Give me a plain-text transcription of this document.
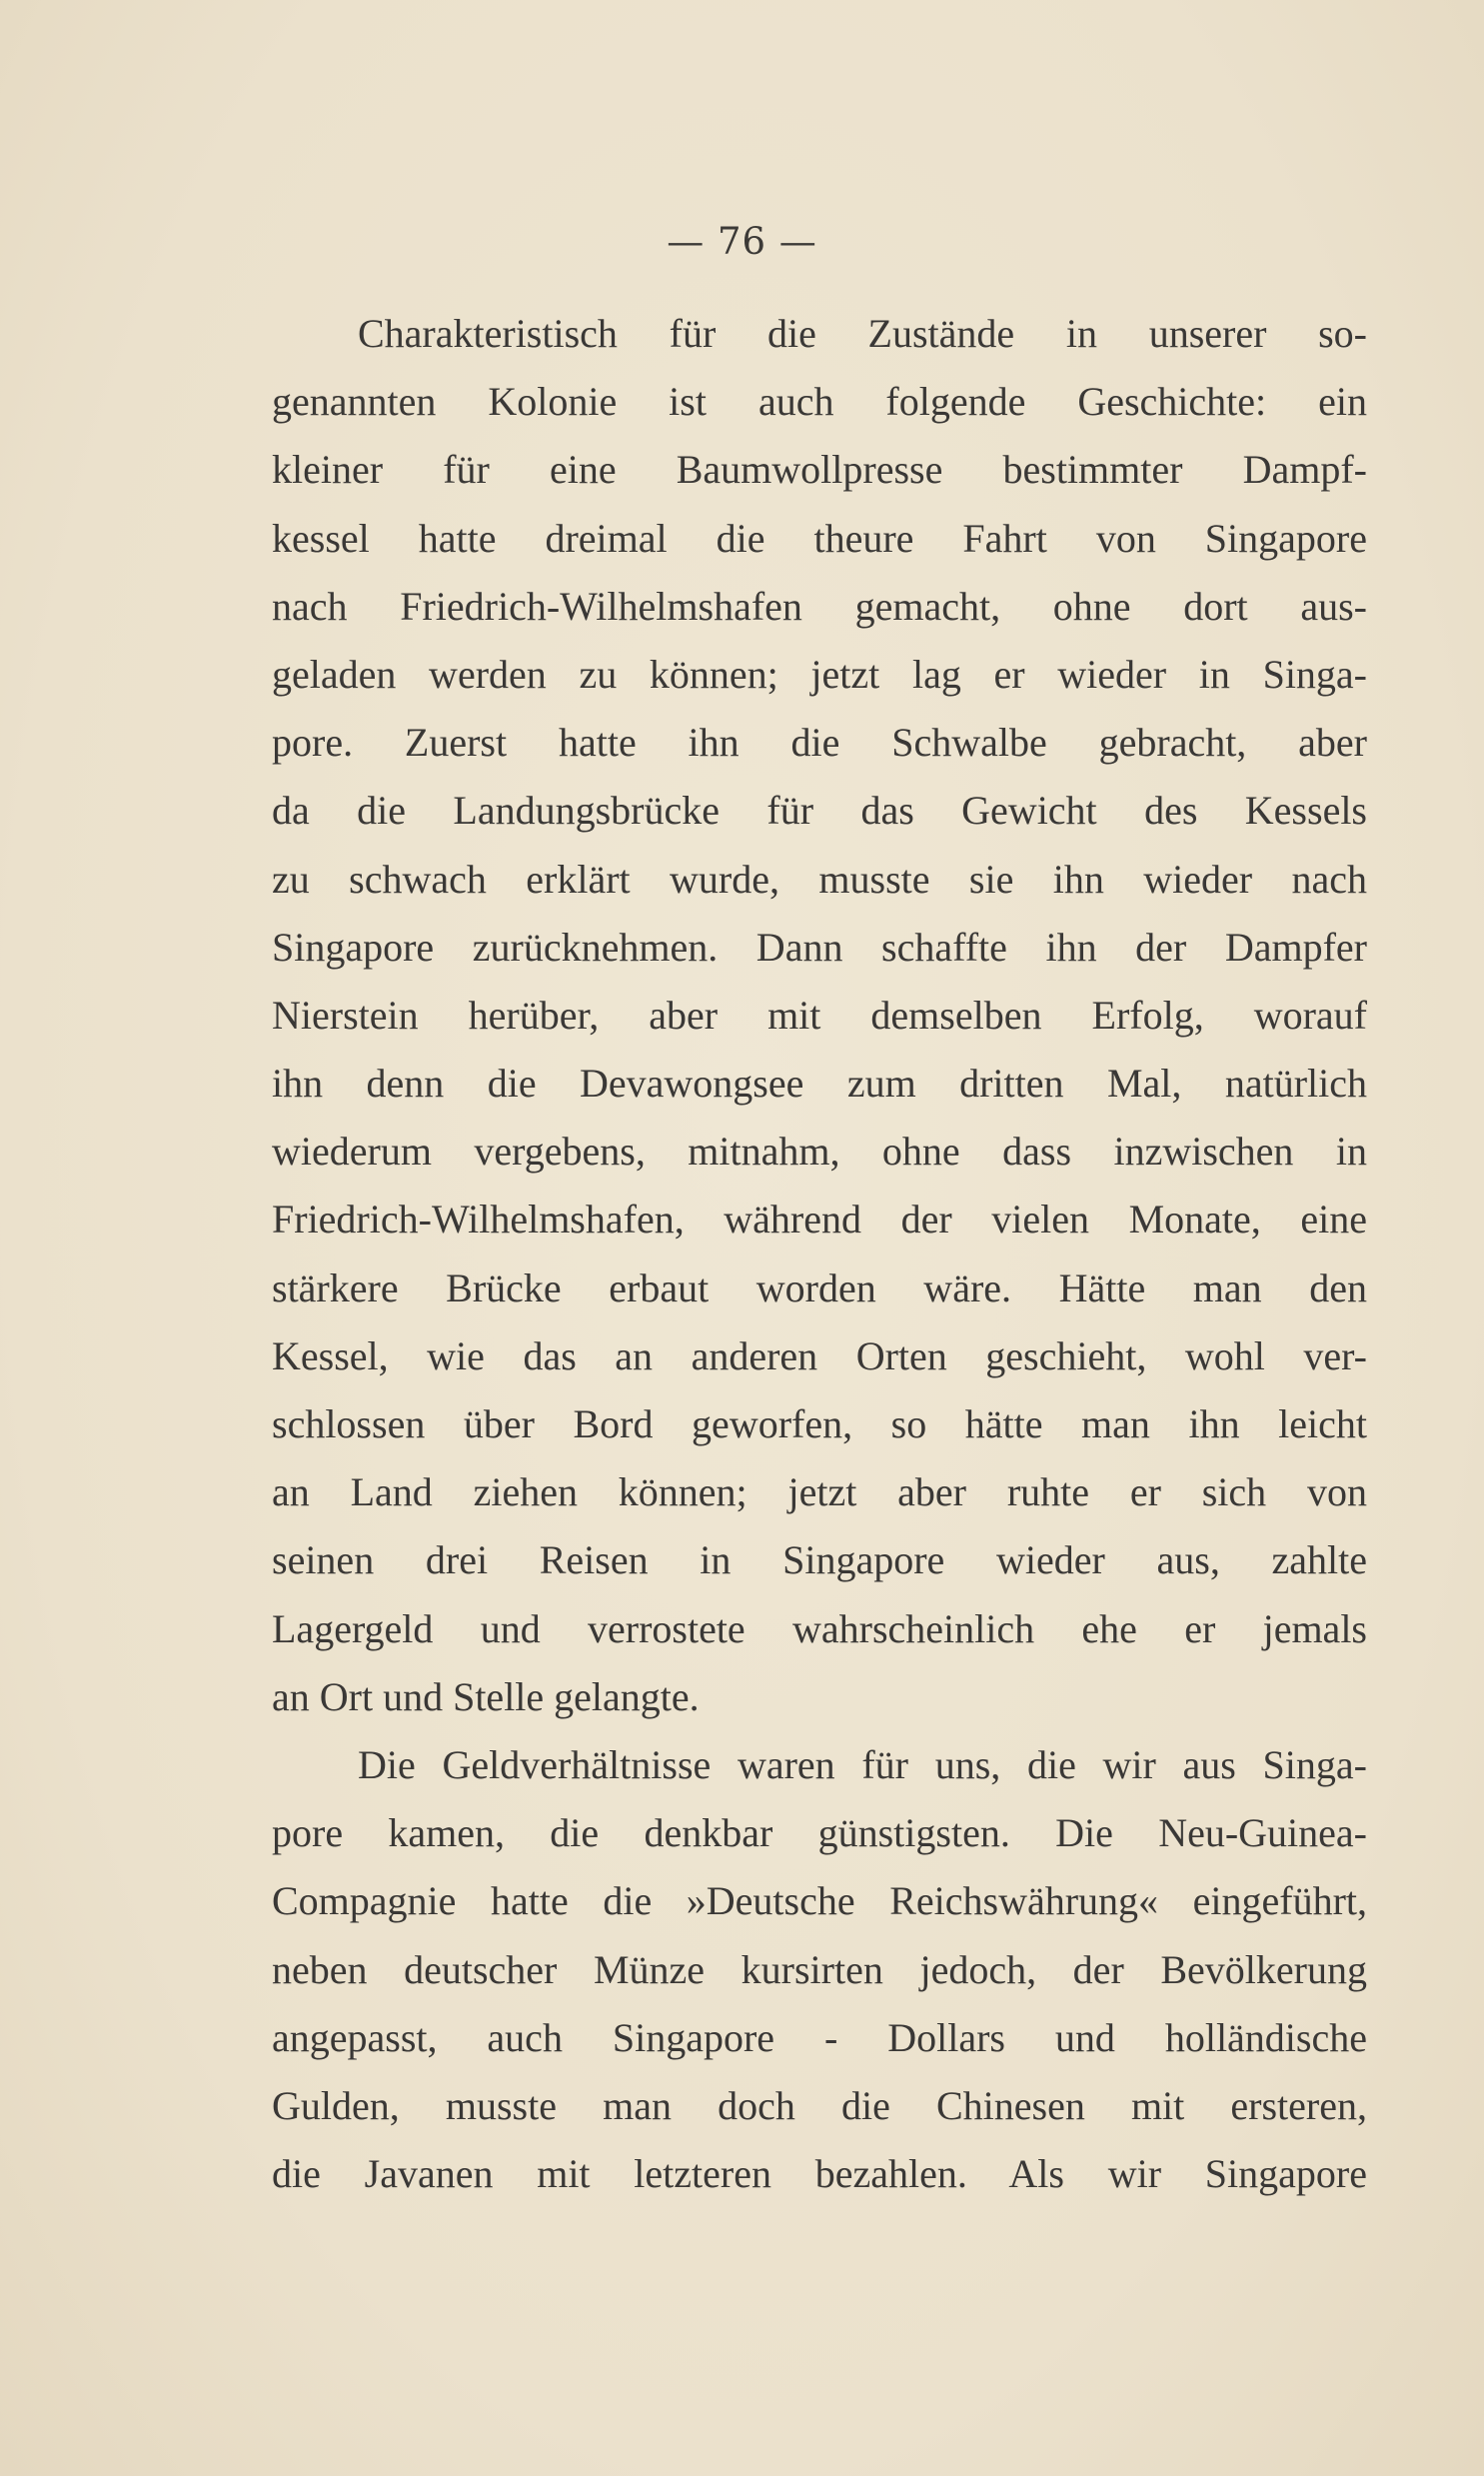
— 76 —
Charakteristisch für die Zustände in unserer so-
genannten Kolonie ist auch folgende Geschichte: ein
kleiner für eine Baumwollpresse bestimmter Dampf-
kessel hatte dreimal die theure Fahrt von Singapore
nach Friedrich-Wilhelmshafen gemacht, ohne dort aus-
geladen werden zu können; jetzt lag er wieder in Singa-
pore. Zuerst hatte ihn die Schwalbe gebracht, aber
da die Landungsbrücke für das Gewicht des Kessels
zu schwach erklärt wurde, musste sie ihn wieder nach
Singapore zurücknehmen. Dann schaffte ihn der Dampfer
Nierstein herüber, aber mit demselben Erfolg, worauf
ihn denn die Devawongsee zum dritten Mal, natürlich
wiederum vergebens, mitnahm, ohne dass inzwischen in
Friedrich-Wilhelmshafen, während der vielen Monate, eine
stärkere Brücke erbaut worden wäre. Hätte man den
Kessel, wie das an anderen Orten geschieht, wohl ver-
schlossen über Bord geworfen, so hätte man ihn leicht
an Land ziehen können; jetzt aber ruhte er sich von
seinen drei Reisen in Singapore wieder aus, zahlte
Lagergeld und verrostete wahrscheinlich ehe er jemals
an Ort und Stelle gelangte.
Die Geldverhältnisse waren für uns, die wir aus Singa-
pore kamen, die denkbar günstigsten. Die Neu-Guinea-
Compagnie hatte die »Deutsche Reichswährung« eingeführt,
neben deutscher Münze kursirten jedoch, der Bevölkerung
angepasst, auch Singapore - Dollars und holländische
Gulden, musste man doch die Chinesen mit ersteren,
die Javanen mit letzteren bezahlen. Als wir Singapore
